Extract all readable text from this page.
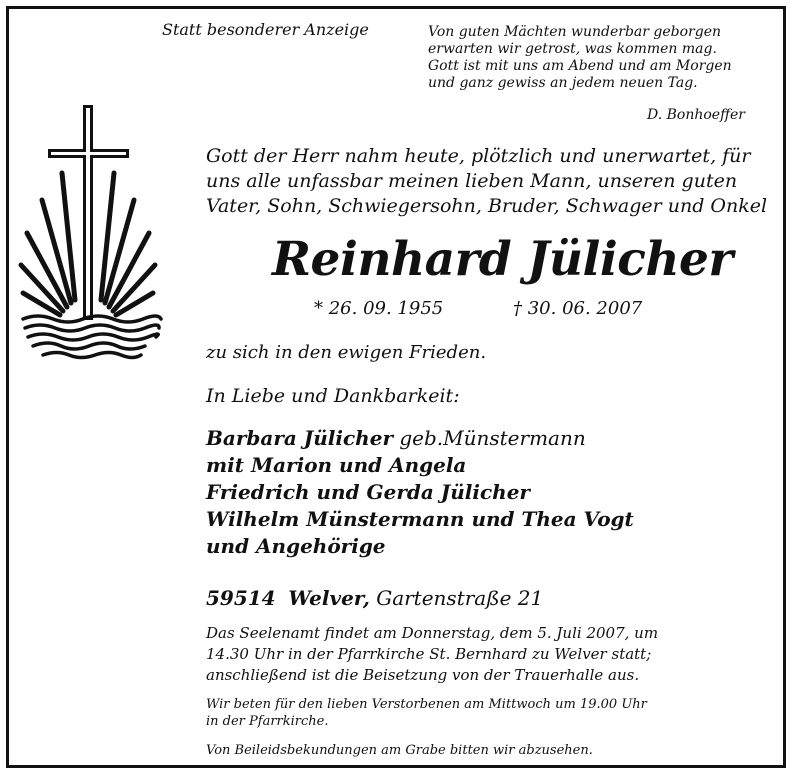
Statt besonderer Anzeige	Von guten Mächten wunderbar geborgen
erwarten wir getrost, was kommen mag.
Gott ist mit uns am Abend und am Morgen
und ganz gewiss an jedem neuen Tag.
D. Bonhoeffer
Gott der Herr nahm heute, plötzlich und unerwartet, für
uns alle unfassbar meinen lieben Mann, unseren guten
Vater, Sohn, Schwiegersohn, Bruder, Schwager und Onkel
Reinhard Jülicher
* 26. 09. 1955	† 30. 06. 2007
zu sich in den ewigen Frieden.
In Liebe und Dankbarkeit:
Barbara Jülicher geb.Münstermann
mit Marion und Angela
Friedrich und Gerda Jülicher
Wilhelm Münstermann und Thea Vogt
und Angehörige
59514 Welver, Gartenstraße 21
Das Seelenamt findet am Donnerstag, dem 5. Juli 2007, um
14.30 Uhr in der Pfarrkirche St. Bernhard zu Welver statt;
anschließend ist die Beisetzung von der Trauerhalle aus.
Wir beten für den lieben Verstorbenen am Mittwoch um 19.00 Uhr
in der Pfarrkirche.
Von Beileidsbekundungen am Grabe bitten wir abzusehen.
